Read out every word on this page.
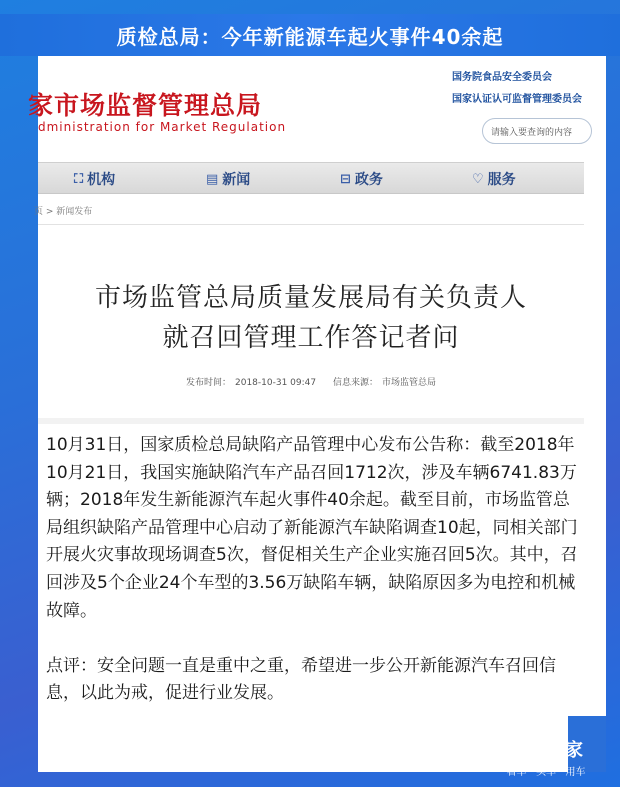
质检总局：今年新能源车起火事件40余起
家市场监督管理总局
dministration for Market Regulation
国务院食品安全委员会
国家认证认可监督管理委员会
请输入要查询的内容
⛶ 机构	▤ 新闻	⊟ 政务	♡ 服务
页 > 新闻发布
市场监管总局质量发展局有关负责人
就召回管理工作答记者问
发布时间： 2018-10-31 09:47 信息来源： 市场监管总局

10月31日，国家质检总局缺陷产品管理中心发布公告称：截至2018年10月21日，我国实施缺陷汽车产品召回1712次，涉及车辆6741.83万辆；2018年发生新能源汽车起火事件40余起。截至目前，市场监管总局组织缺陷产品管理中心启动了新能源汽车缺陷调查10起，同相关部门开展火灾事故现场调查5次，督促相关生产企业实施召回5次。其中，召回涉及5个企业24个车型的3.56万缺陷车辆，缺陷原因多为电控和机械故障。

点评：安全问题一直是重中之重，希望进一步公开新能源汽车召回信息，以此为戒，促进行业发展。

汽车之家
看车 · 买车 · 用车
